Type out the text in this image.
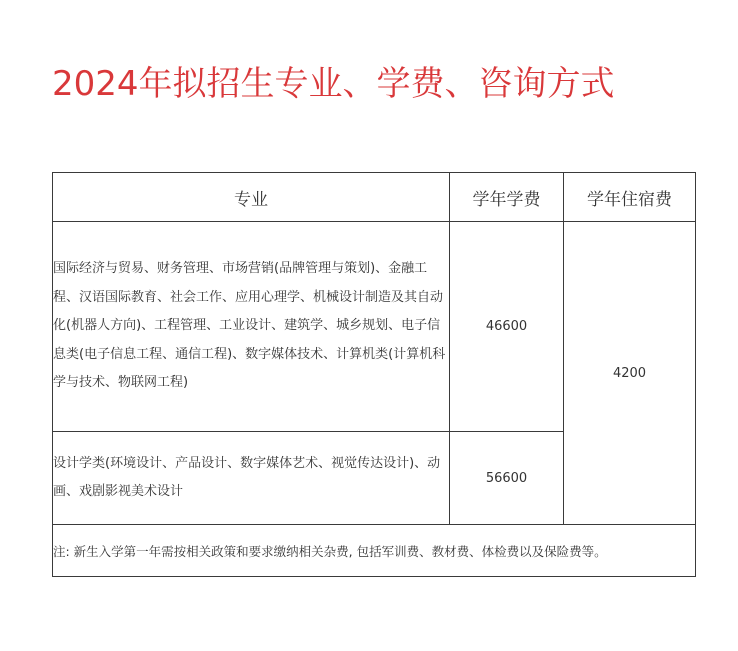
2024年拟招生专业、学费、咨询方式
专业	学年学费	学年住宿费
国际经济与贸易、财务管理、市场营销(品牌管理与策划)、金融工程、汉语国际教育、社会工作、应用心理学、机械设计制造及其自动化(机器人方向)、工程管理、工业设计、建筑学、城乡规划、电子信息类(电子信息工程、通信工程)、数字媒体技术、计算机类(计算机科学与技术、物联网工程)	46600	4200
设计学类(环境设计、产品设计、数字媒体艺术、视觉传达设计)、动画、戏剧影视美术设计	56600	
注: 新生入学第一年需按相关政策和要求缴纳相关杂费, 包括军训费、教材费、体检费以及保险费等。		
